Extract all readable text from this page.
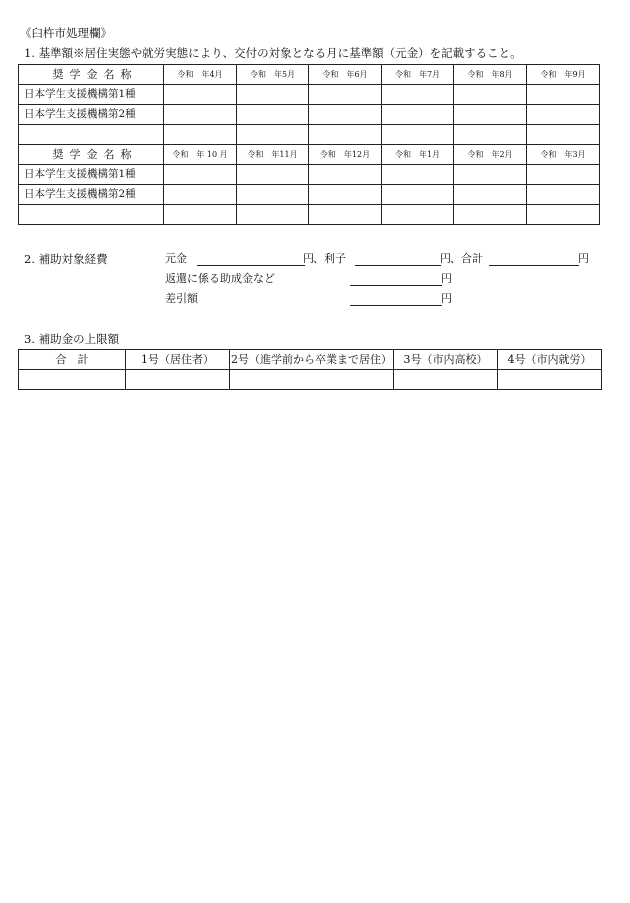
《臼杵市処理欄》
1. 基準額※居住実態や就労実態により、交付の対象となる月に基準額（元金）を記載すること。
奨学金名称	令和　年4月	令和　年5月	令和　年6月	令和　年7月	令和　年8月	令和　年9月
日本学生支援機構第1種						
日本学生支援機構第2種						

奨学金名称	令和　年 10 月	令和　年11月	令和　年12月	令和　年1月	令和　年2月	令和　年3月
日本学生支援機構第1種						
日本学生支援機構第2種						

2. 補助対象経費	元金	円 、利子	円 、合計	円
返還に係る助成金など	円
差引額	円
3. 補助金の上限額
合　計	1号（居住者）	2号（進学前から卒業まで居住）	3号（市内高校）	4号（市内就労）
